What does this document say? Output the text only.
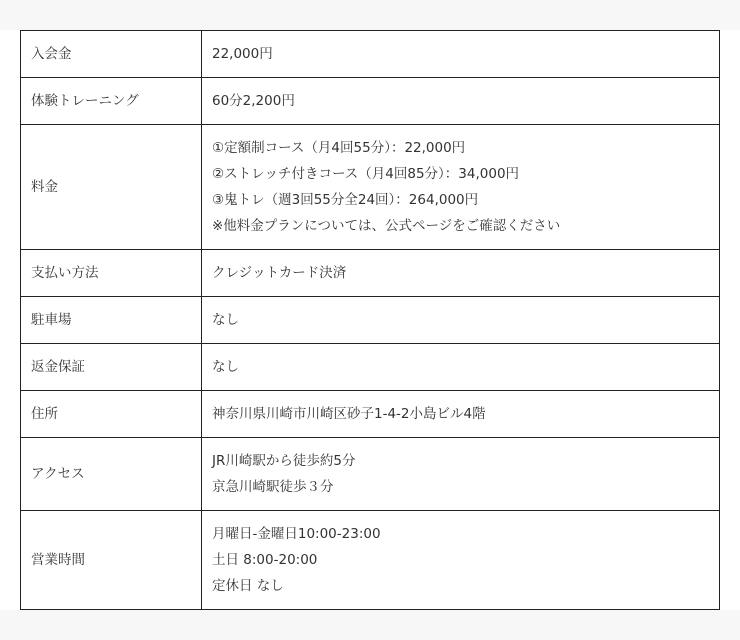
入会金	22,000円

体験トレーニング	60分2,200円

料金	①定額制コース（月4回55分）：22,000円
②ストレッチ付きコース（月4回85分）：34,000円
③鬼トレ（週3回55分全24回）：264,000円
※他料金プランについては、公式ページをご確認ください

支払い方法	クレジットカード決済

駐車場	なし

返金保証	なし

住所	神奈川県川崎市川崎区砂子1-4-2小島ビル4階

アクセス	JR川崎駅から徒歩約5分
京急川崎駅徒歩３分

営業時間	月曜日-金曜日10:00-23:00
土日 8:00-20:00
定休日 なし
